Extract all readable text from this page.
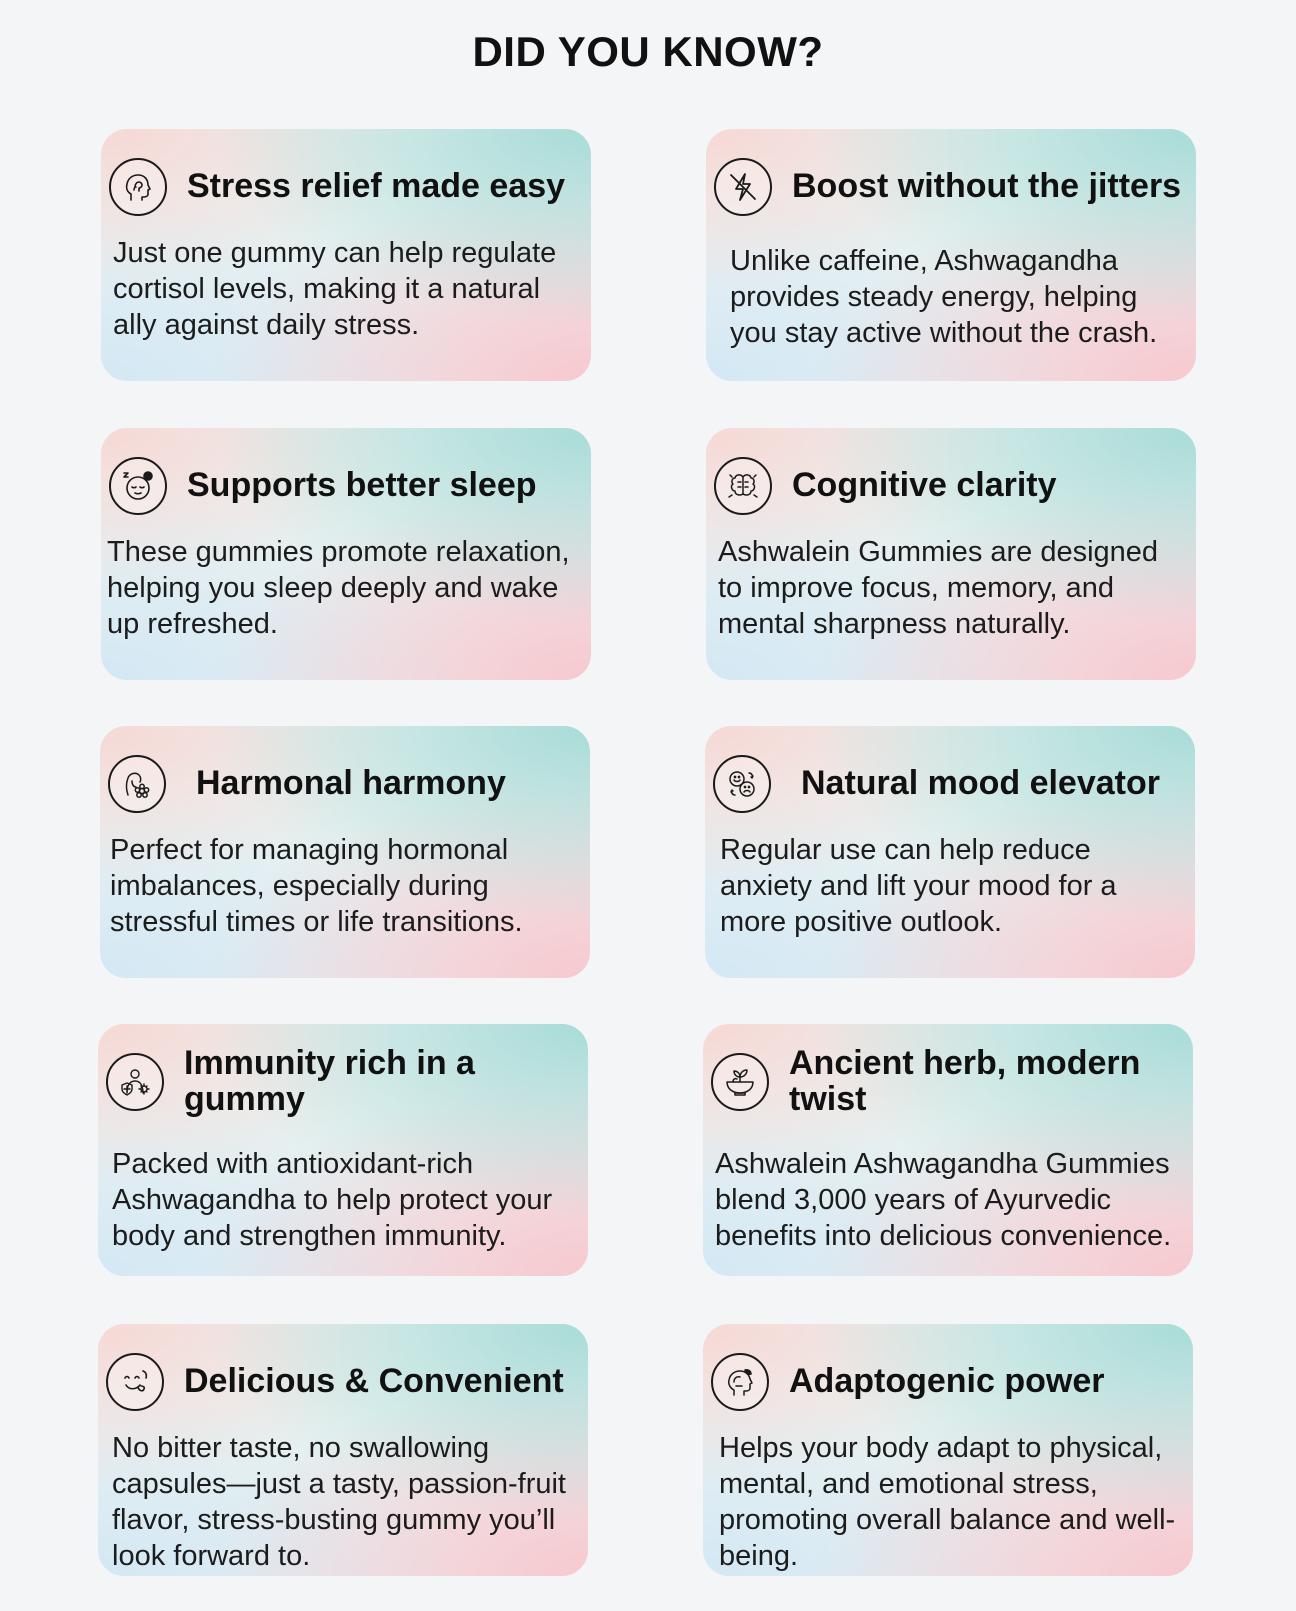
DID YOU KNOW?
Stress relief made easy
Just one gummy can help regulate cortisol levels, making it a natural ally against daily stress.
Boost without the jitters
Unlike caffeine, Ashwagandha provides steady energy, helping you stay active without the crash.
Supports better sleep
These gummies promote relaxation, helping you sleep deeply and wake up refreshed.
Cognitive clarity
Ashwalein Gummies are designed to improve focus, memory, and mental sharpness naturally.
Harmonal harmony
Perfect for managing hormonal imbalances, especially during stressful times or life transitions.
Natural mood elevator
Regular use can help reduce anxiety and lift your mood for a more positive outlook.
Immunity rich in a gummy
Packed with antioxidant-rich Ashwagandha to help protect your body and strengthen immunity.
Ancient herb, modern twist
Ashwalein Ashwagandha Gummies blend 3,000 years of Ayurvedic benefits into delicious convenience.
Delicious & Convenient
No bitter taste, no swallowing capsules—just a tasty, passion-fruit flavor, stress-busting gummy you’ll look forward to.
Adaptogenic power
Helps your body adapt to physical, mental, and emotional stress, promoting overall balance and well-being.
